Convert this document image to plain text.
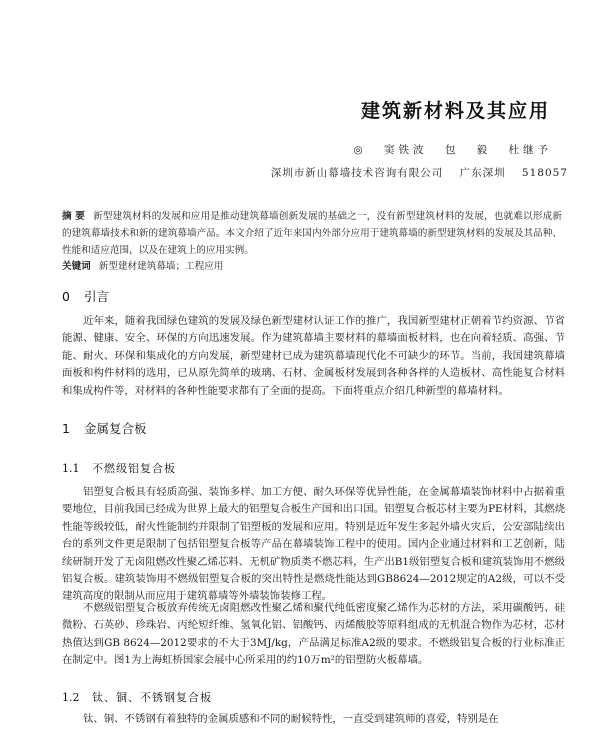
建筑新材料及其应用
◎ 窦铁波 包 毅 杜继予
深圳市新山幕墙技术咨询有限公司 广东深圳 518057
摘 要 新型建筑材料的发展和应用是推动建筑幕墙创新发展的基础之一，没有新型建筑材料的发展，也就难以形成新的建筑幕墙技术和新的建筑幕墙产品。本文介绍了近年来国内外部分应用于建筑幕墙的新型建筑材料的发展及其品种、性能和适应范围，以及在建筑上的应用实例。
关键词 新型建材建筑幕墙；工程应用
0 引言
近年来，随着我国绿色建筑的发展及绿色新型建材认证工作的推广，我国新型建材正朝着节约资源、节省能源、健康、安全、环保的方向迅速发展。作为建筑幕墙主要材料的幕墙面板材料，也在向着轻质、高强、节能、耐火、环保和集成化的方向发展，新型建材已成为建筑幕墙现代化不可缺少的环节。当前，我国建筑幕墙面板和构件材料的选用，已从原先简单的玻璃、石材、金属板材发展到各种各样的人造板材、高性能复合材料和集成构件等，对材料的各种性能要求都有了全面的提高。下面将重点介绍几种新型的幕墙材料。
1 金属复合板
1.1 不燃级铝复合板
铝塑复合板具有轻质高强、装饰多样、加工方便、耐久环保等优异性能，在金属幕墙装饰材料中占据着重要地位，目前我国已经成为世界上最大的铝塑复合板生产国和出口国。铝塑复合板芯材主要为PE材料，其燃烧性能等级较低，耐火性能制约并限制了铝塑板的发展和应用。特别是近年发生多起外墙火灾后，公安部陆续出台的系列文件更是限制了包括铝塑复合板等产品在幕墙装饰工程中的使用。国内企业通过材料和工艺创新，陆续研制开发了无卤阻燃改性聚乙烯芯料、无机矿物质类不燃芯料，生产出B1级铝塑复合板和建筑装饰用不燃级铝复合板。建筑装饰用不燃级铝塑复合板的突出特性是燃烧性能达到GB8624—2012规定的A2级，可以不受建筑高度的限制从而应用于建筑幕墙等外墙装饰装修工程。
不燃级铝塑复合板放弃传统无卤阻燃改性聚乙烯和聚代纯低密度聚乙烯作为芯材的方法，采用碳酸钙、硅微粉、石英砂、珍珠岩、丙纶短纤维、氢氧化铝、铝酸钙、丙烯酸胶等原料组成的无机混合物作为芯材，芯材热值达到GB 8624—2012要求的不大于3MJ/kg，产品满足标准A2级的要求。不燃级铝复合板的行业标准正在制定中。图1为上海虹桥国家会展中心所采用的约10万m²的铝塑防火板幕墙。
1.2 钛、铜、不锈钢复合板
钛、铜、不锈钢有着独特的金属质感和不同的耐候特性，一直受到建筑师的喜爱，特别是在
